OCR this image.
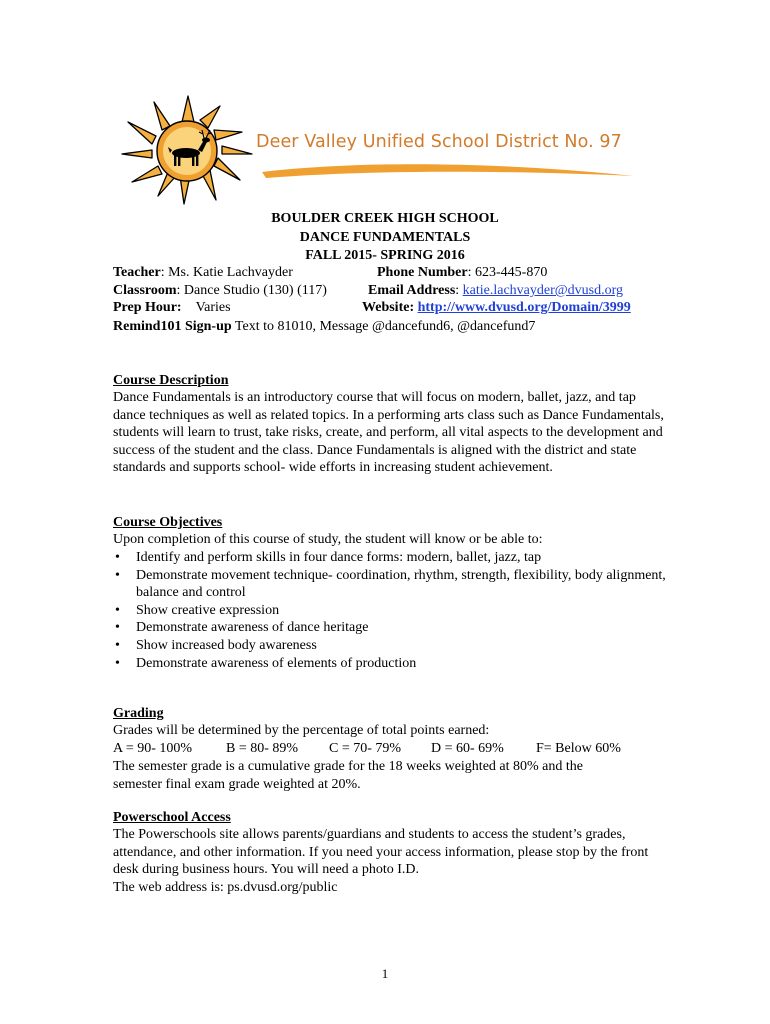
Deer Valley Unified School District No. 97
BOULDER CREEK HIGH SCHOOL
DANCE FUNDAMENTALS
FALL 2015- SPRING 2016
Teacher: Ms. Katie Lachvayder	Phone Number: 623-445-870
Classroom: Dance Studio (130) (117)	Email Address: katie.lachvayder@dvusd.org
Prep Hour: Varies	Website: http://www.dvusd.org/Domain/3999
Remind101 Sign-up Text to 81010, Message @dancefund6, @dancefund7
Course Description
Dance Fundamentals is an introductory course that will focus on modern, ballet, jazz, and tap dance techniques as well as related topics. In a performing arts class such as Dance Fundamentals, students will learn to trust, take risks, create, and perform, all vital aspects to the development and success of the student and the class. Dance Fundamentals is aligned with the district and state standards and supports school- wide efforts in increasing student achievement.
Course Objectives
Upon completion of this course of study, the student will know or be able to:
• Identify and perform skills in four dance forms: modern, ballet, jazz, tap
• Demonstrate movement technique- coordination, rhythm, strength, flexibility, body alignment, balance and control
• Show creative expression
• Demonstrate awareness of dance heritage
• Show increased body awareness
• Demonstrate awareness of elements of production
Grading
Grades will be determined by the percentage of total points earned:
A = 90- 100% B = 80- 89% C = 70- 79% D = 60- 69% F= Below 60%
The semester grade is a cumulative grade for the 18 weeks weighted at 80% and the semester final exam grade weighted at 20%.
Powerschool Access
The Powerschools site allows parents/guardians and students to access the student’s grades, attendance, and other information. If you need your access information, please stop by the front desk during business hours. You will need a photo I.D.
The web address is: ps.dvusd.org/public
1
